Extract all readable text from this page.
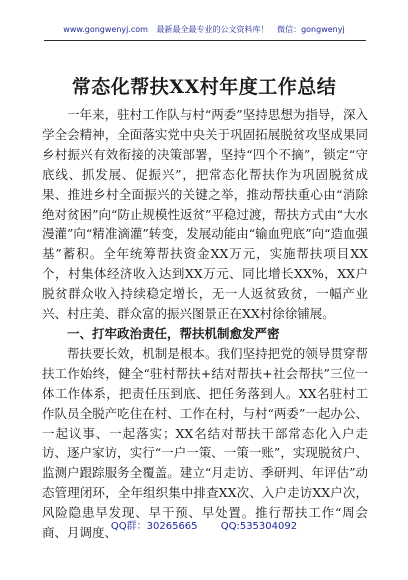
www.gongwenyj.com 最新最全最专业的公文资料库！ 微信：gongwenyj
常态化帮扶XX村年度工作总结

一年来，驻村工作队与村“两委”坚持思想为指导，深入学全会精神，全面落实党中央关于巩固拓展脱贫攻坚成果同乡村振兴有效衔接的决策部署，坚持“四个不摘”，锁定“守底线、抓发展、促振兴”，把常态化帮扶作为巩固脱贫成果、推进乡村全面振兴的关键之举，推动帮扶重心由“消除绝对贫困”向“防止规模性返贫”平稳过渡，帮扶方式由“大水漫灌”向“精准滴灌”转变，发展动能由“输血兜底”向“造血强基”蓄积。全年统筹帮扶资金XX万元，实施帮扶项目XX个，村集体经济收入达到XX万元、同比增长XX%，XX户脱贫群众收入持续稳定增长，无一人返贫致贫，一幅产业兴、村庄美、群众富的振兴图景正在XX村徐徐铺展。

一、打牢政治责任，帮扶机制愈发严密

帮扶要长效，机制是根本。我们坚持把党的领导贯穿帮扶工作始终，健全“驻村帮扶+结对帮扶+社会帮扶”三位一体工作体系，把责任压到底、把任务落到人。XX名驻村工作队员全脱产吃住在村、工作在村，与村“两委”一起办公、一起议事、一起落实；XX名结对帮扶干部常态化入户走访、逐户家访，实行“一户一策、一策一账”，实现脱贫户、监测户跟踪服务全覆盖。建立“月走访、季研判、年评估”动态管理闭环，全年组织集中排查XX次、入户走访XX户次，风险隐患早发现、早干预、早处置。推行帮扶工作“周会商、月调度、

QQ群：30265665 QQ:535304092
